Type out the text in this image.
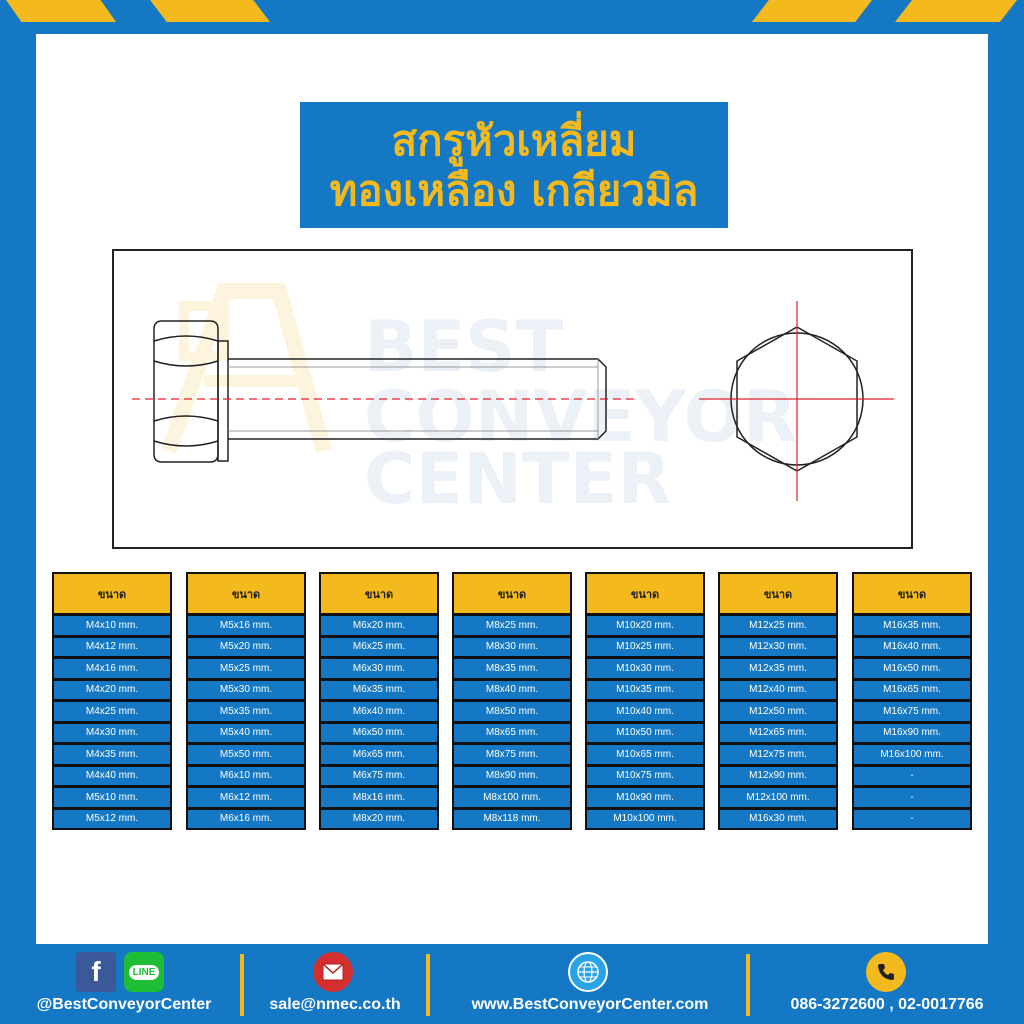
สกรูหัวเหลี่ยม
ทองเหลือง เกลียวมิล
BEST
CONVEYOR
CENTER
ขนาด
M4x10 mm.
M4x12 mm.
M4x16 mm.
M4x20 mm.
M4x25 mm.
M4x30 mm.
M4x35 mm.
M4x40 mm.
M5x10 mm.
M5x12 mm.
ขนาด
M5x16 mm.
M5x20 mm.
M5x25 mm.
M5x30 mm.
M5x35 mm.
M5x40 mm.
M5x50 mm.
M6x10 mm.
M6x12 mm.
M6x16 mm.
ขนาด
M6x20 mm.
M6x25 mm.
M6x30 mm.
M6x35 mm.
M6x40 mm.
M6x50 mm.
M6x65 mm.
M6x75 mm.
M8x16 mm.
M8x20 mm.
ขนาด
M8x25 mm.
M8x30 mm.
M8x35 mm.
M8x40 mm.
M8x50 mm.
M8x65 mm.
M8x75 mm.
M8x90 mm.
M8x100 mm.
M8x118 mm.
ขนาด
M10x20 mm.
M10x25 mm.
M10x30 mm.
M10x35 mm.
M10x40 mm.
M10x50 mm.
M10x65 mm.
M10x75 mm.
M10x90 mm.
M10x100 mm.
ขนาด
M12x25 mm.
M12x30 mm.
M12x35 mm.
M12x40 mm.
M12x50 mm.
M12x65 mm.
M12x75 mm.
M12x90 mm.
M12x100 mm.
M16x30 mm.
ขนาด
M16x35 mm.
M16x40 mm.
M16x50 mm.
M16x65 mm.
M16x75 mm.
M16x90 mm.
M16x100 mm.
-
-
-
f	LINE
@BestConveyorCenter	sale@nmec.co.th	www.BestConveyorCenter.com	086-3272600 , 02-0017766
